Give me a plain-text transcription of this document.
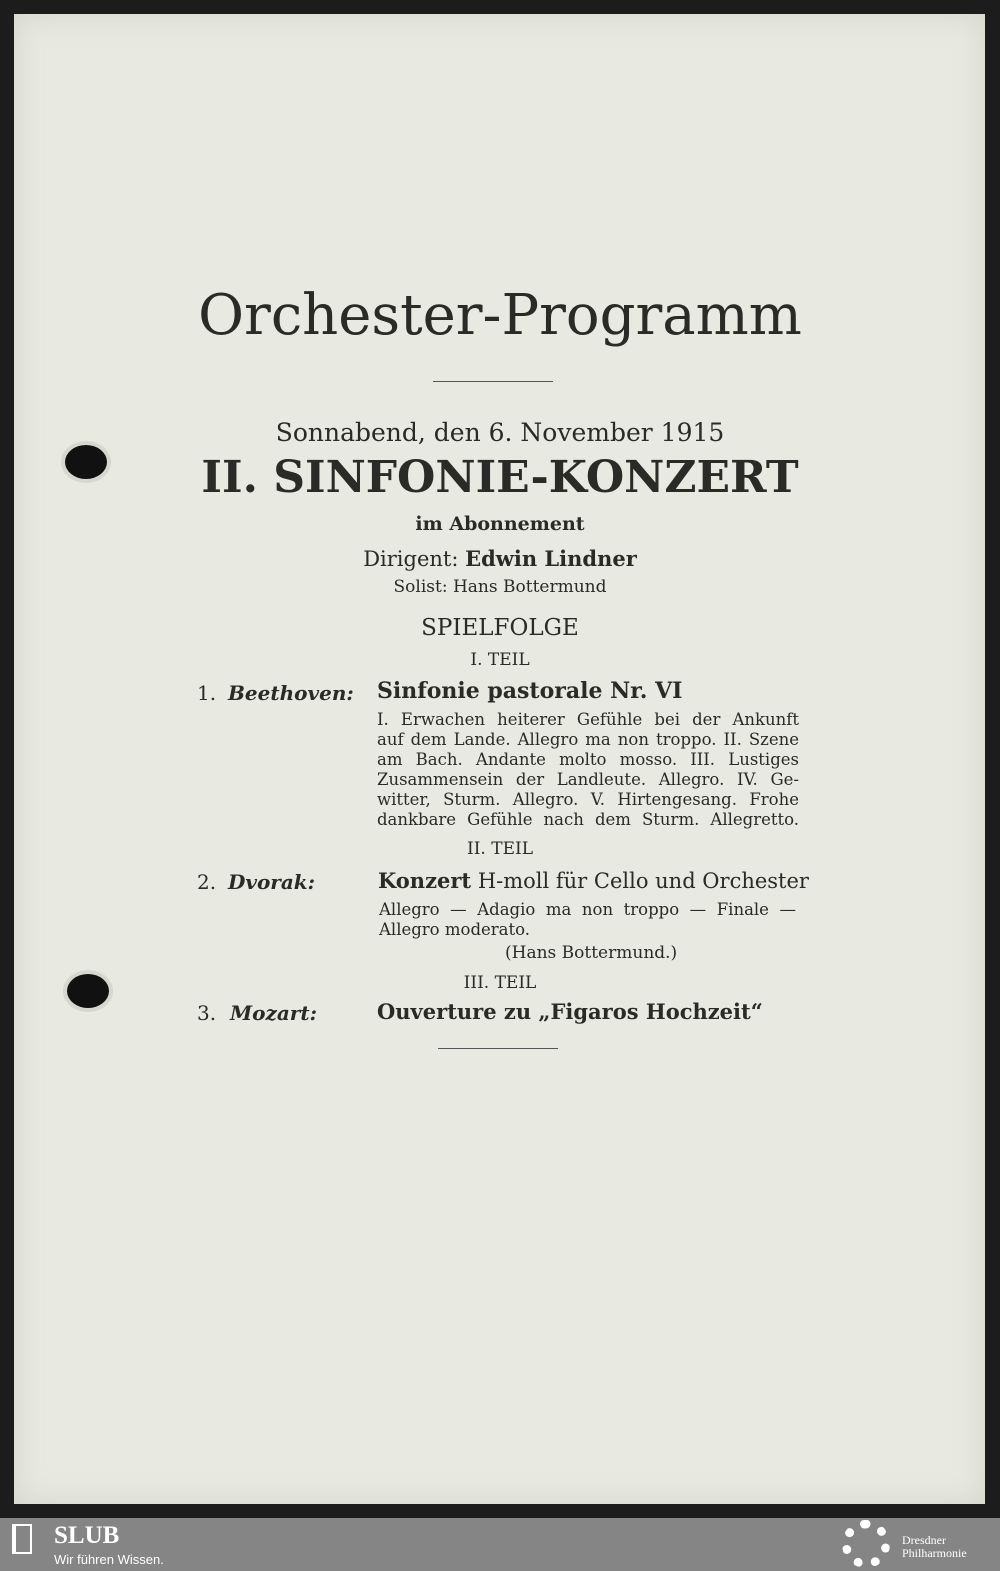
Orchester-Programm
Sonnabend, den 6. November 1915
II. SINFONIE-KONZERT
im Abonnement
Dirigent: Edwin Lindner
Solist: Hans Bottermund
SPIELFOLGE
I. TEIL
1. Beethoven: Sinfonie pastorale Nr. VI
I. Erwachen heiterer Gefühle bei der Ankunft
auf dem Lande. Allegro ma non troppo. II. Szene
am Bach. Andante molto mosso. III. Lustiges
Zusammensein der Landleute. Allegro. IV. Ge-
witter, Sturm. Allegro. V. Hirtengesang. Frohe
dankbare Gefühle nach dem Sturm. Allegretto.
II. TEIL
2. Dvorak:	Konzert H-moll für Cello und Orchester
Allegro — Adagio ma non troppo — Finale —
Allegro moderato.
(Hans Bottermund.)
III. TEIL
3. Mozart:	Ouverture zu „Figaros Hochzeit“
SLUB
Wir führen Wissen.
Dresdner
Philharmonie
